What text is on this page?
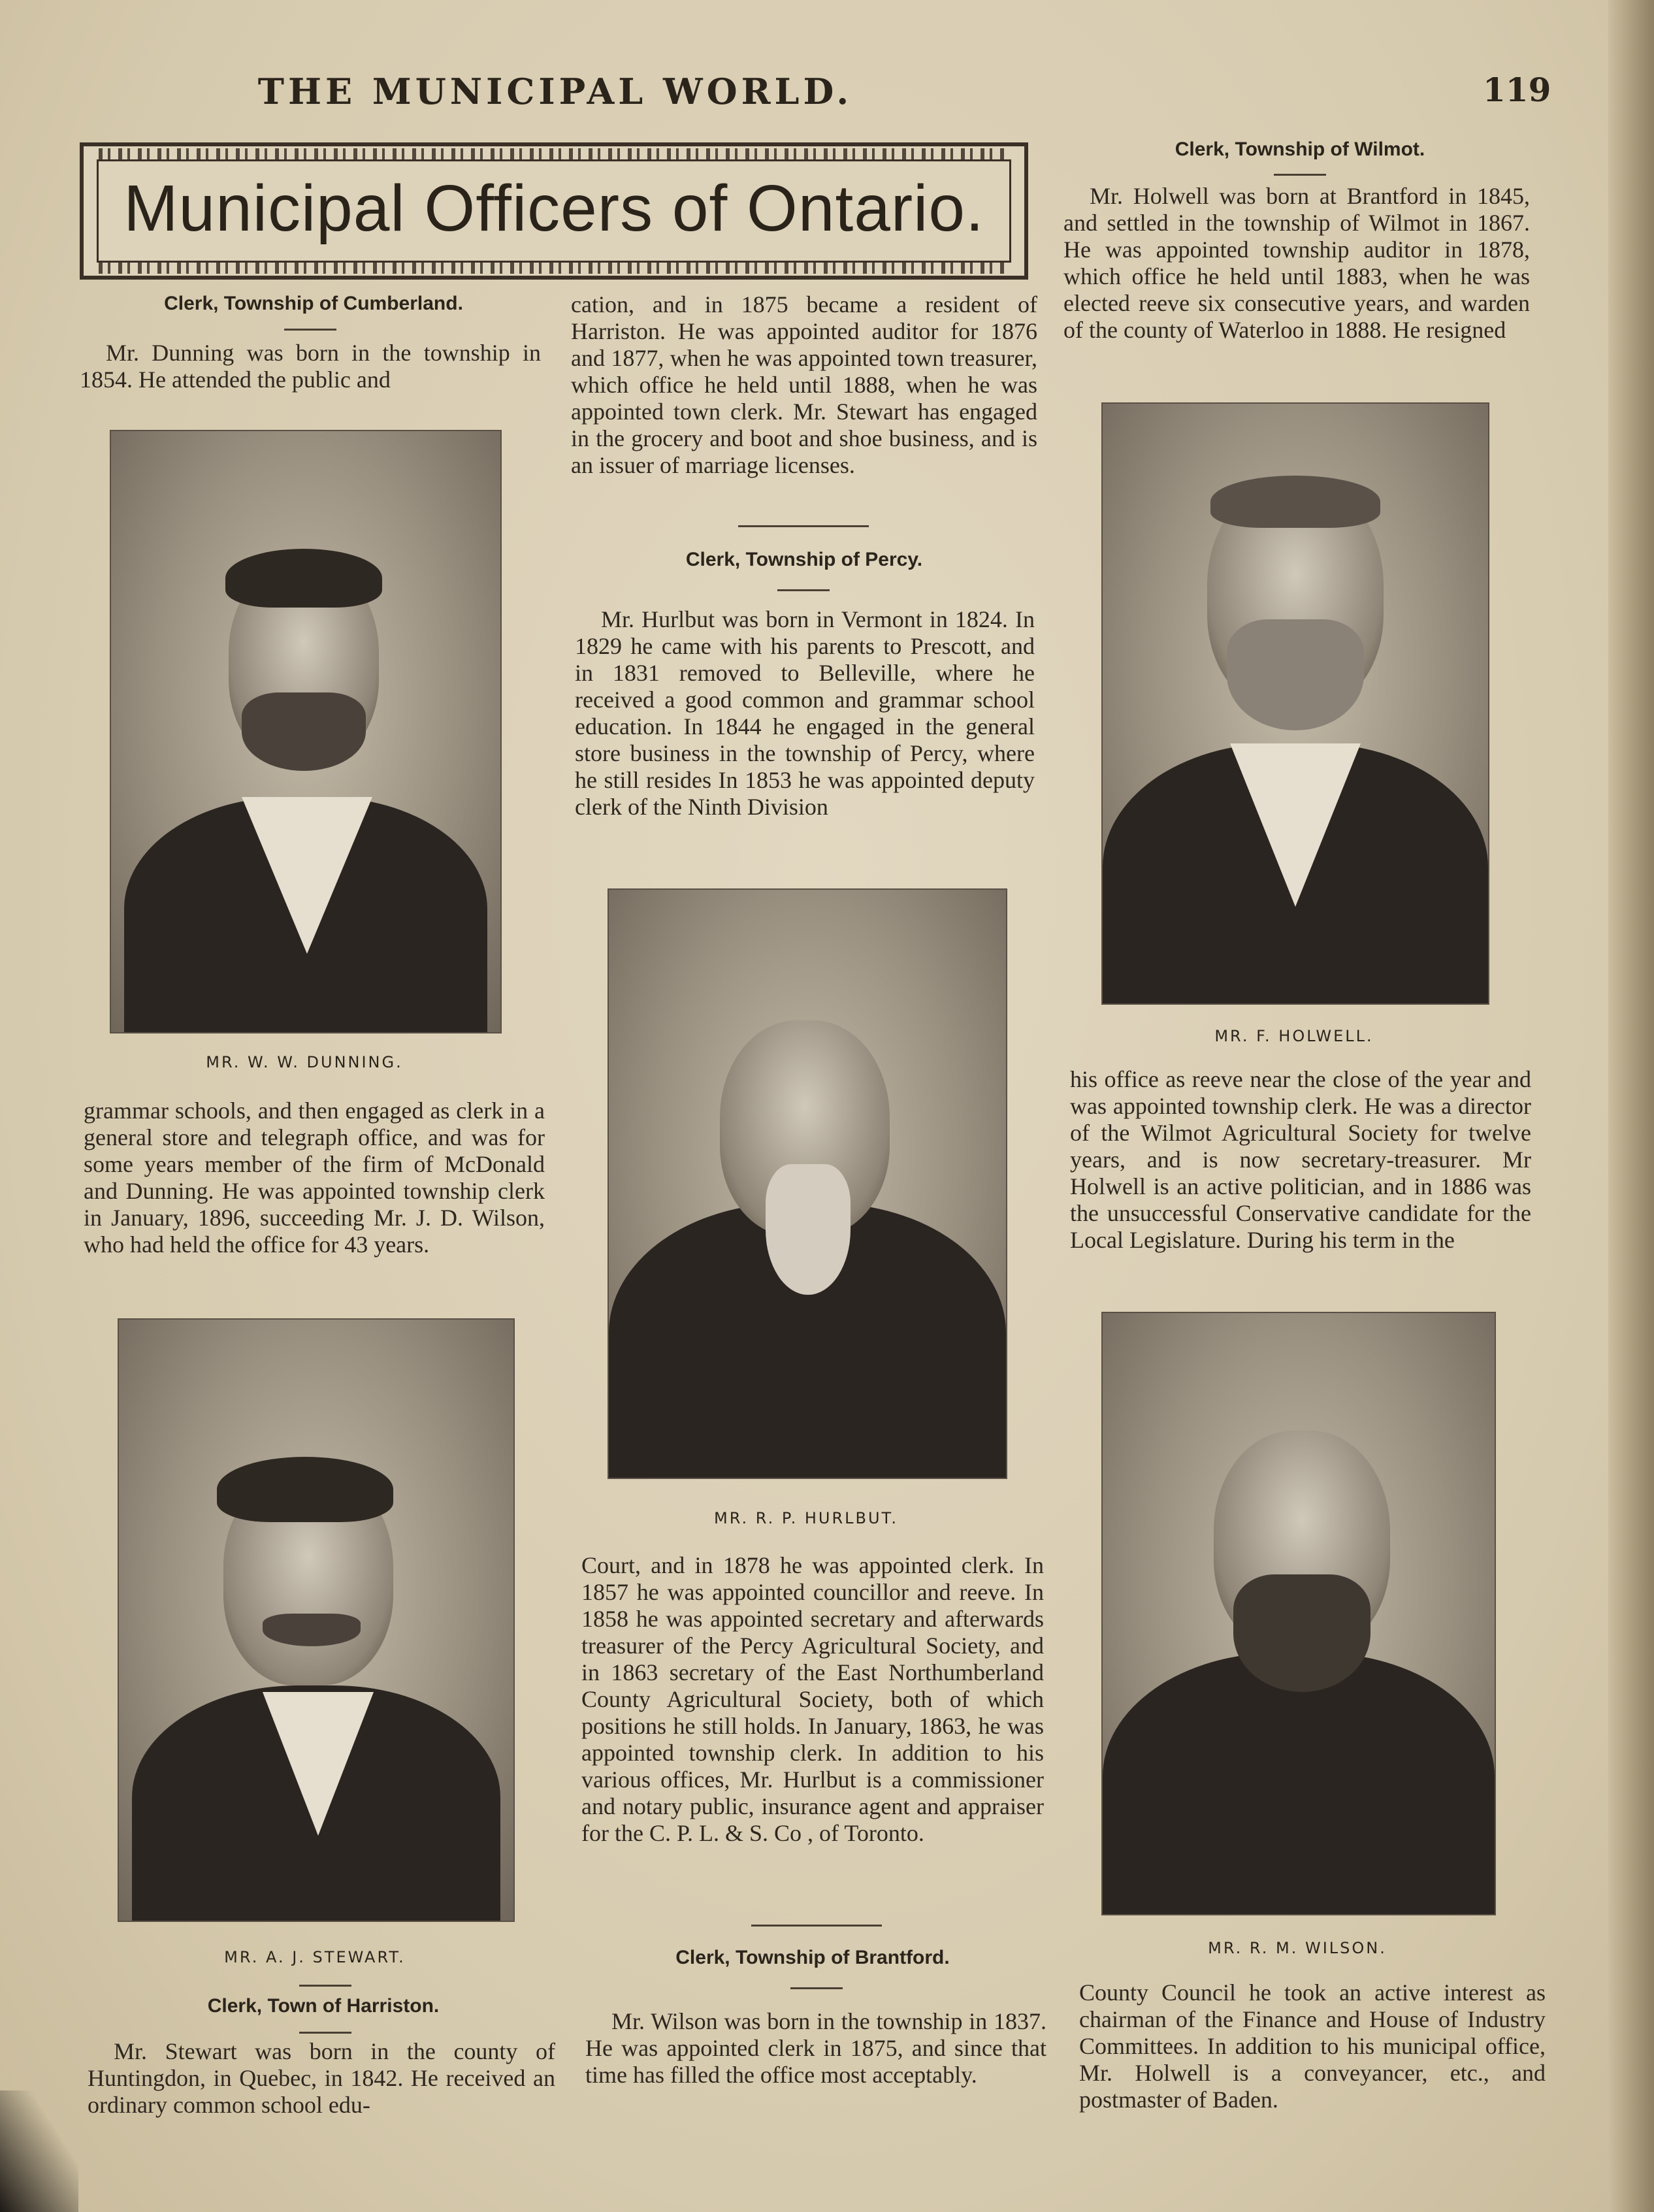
THE MUNICIPAL WORLD.	119
Municipal Officers of Ontario.
Clerk, Township of Cumberland.

Mr. Dunning was born in the township in 1854. He attended the public and

MR. W. W. DUNNING.

grammar schools, and then engaged as clerk in a general store and telegraph office, and was for some years member of the firm of McDonald and Dunning. He was appointed township clerk in January, 1896, succeeding Mr. J. D. Wilson, who had held the office for 43 years.

MR. A. J. STEWART.
Clerk, Town of Harriston.

Mr. Stewart was born in the county of Huntingdon, in Quebec, in 1842. He received an ordinary common school edu-

cation, and in 1875 became a resident of Harriston. He was appointed auditor for 1876 and 1877, when he was appointed town treasurer, which office he held until 1888, when he was appointed town clerk. Mr. Stewart has engaged in the grocery and boot and shoe business, and is an issuer of marriage licenses.

Clerk, Township of Percy.

Mr. Hurlbut was born in Vermont in 1824. In 1829 he came with his parents to Prescott, and in 1831 removed to Belleville, where he received a good common and grammar school education. In 1844 he engaged in the general store business in the township of Percy, where he still resides In 1853 he was appointed deputy clerk of the Ninth Division

MR. R. P. HURLBUT.

Court, and in 1878 he was appointed clerk. In 1857 he was appointed councillor and reeve. In 1858 he was appointed secretary and afterwards treasurer of the Percy Agricultural Society, and in 1863 secretary of the East Northumberland County Agricultural Society, both of which positions he still holds. In January, 1863, he was appointed township clerk. In addition to his various offices, Mr. Hurlbut is a commissioner and notary public, insurance agent and appraiser for the C. P. L. & S. Co , of Toronto.

Clerk, Township of Brantford.

Mr. Wilson was born in the township in 1837. He was appointed clerk in 1875, and since that time has filled the office most acceptably.

Clerk, Township of Wilmot.

Mr. Holwell was born at Brantford in 1845, and settled in the township of Wilmot in 1867. He was appointed township auditor in 1878, which office he held until 1883, when he was elected reeve six consecutive years, and warden of the county of Waterloo in 1888. He resigned

MR. F. HOLWELL.

his office as reeve near the close of the year and was appointed township clerk. He was a director of the Wilmot Agricultural Society for twelve years, and is now secretary-treasurer. Mr Holwell is an active politician, and in 1886 was the unsuccessful Conservative candidate for the Local Legislature. During his term in the

MR. R. M. WILSON.

County Council he took an active interest as chairman of the Finance and House of Industry Committees. In addition to his municipal office, Mr. Holwell is a conveyancer, etc., and postmaster of Baden.
